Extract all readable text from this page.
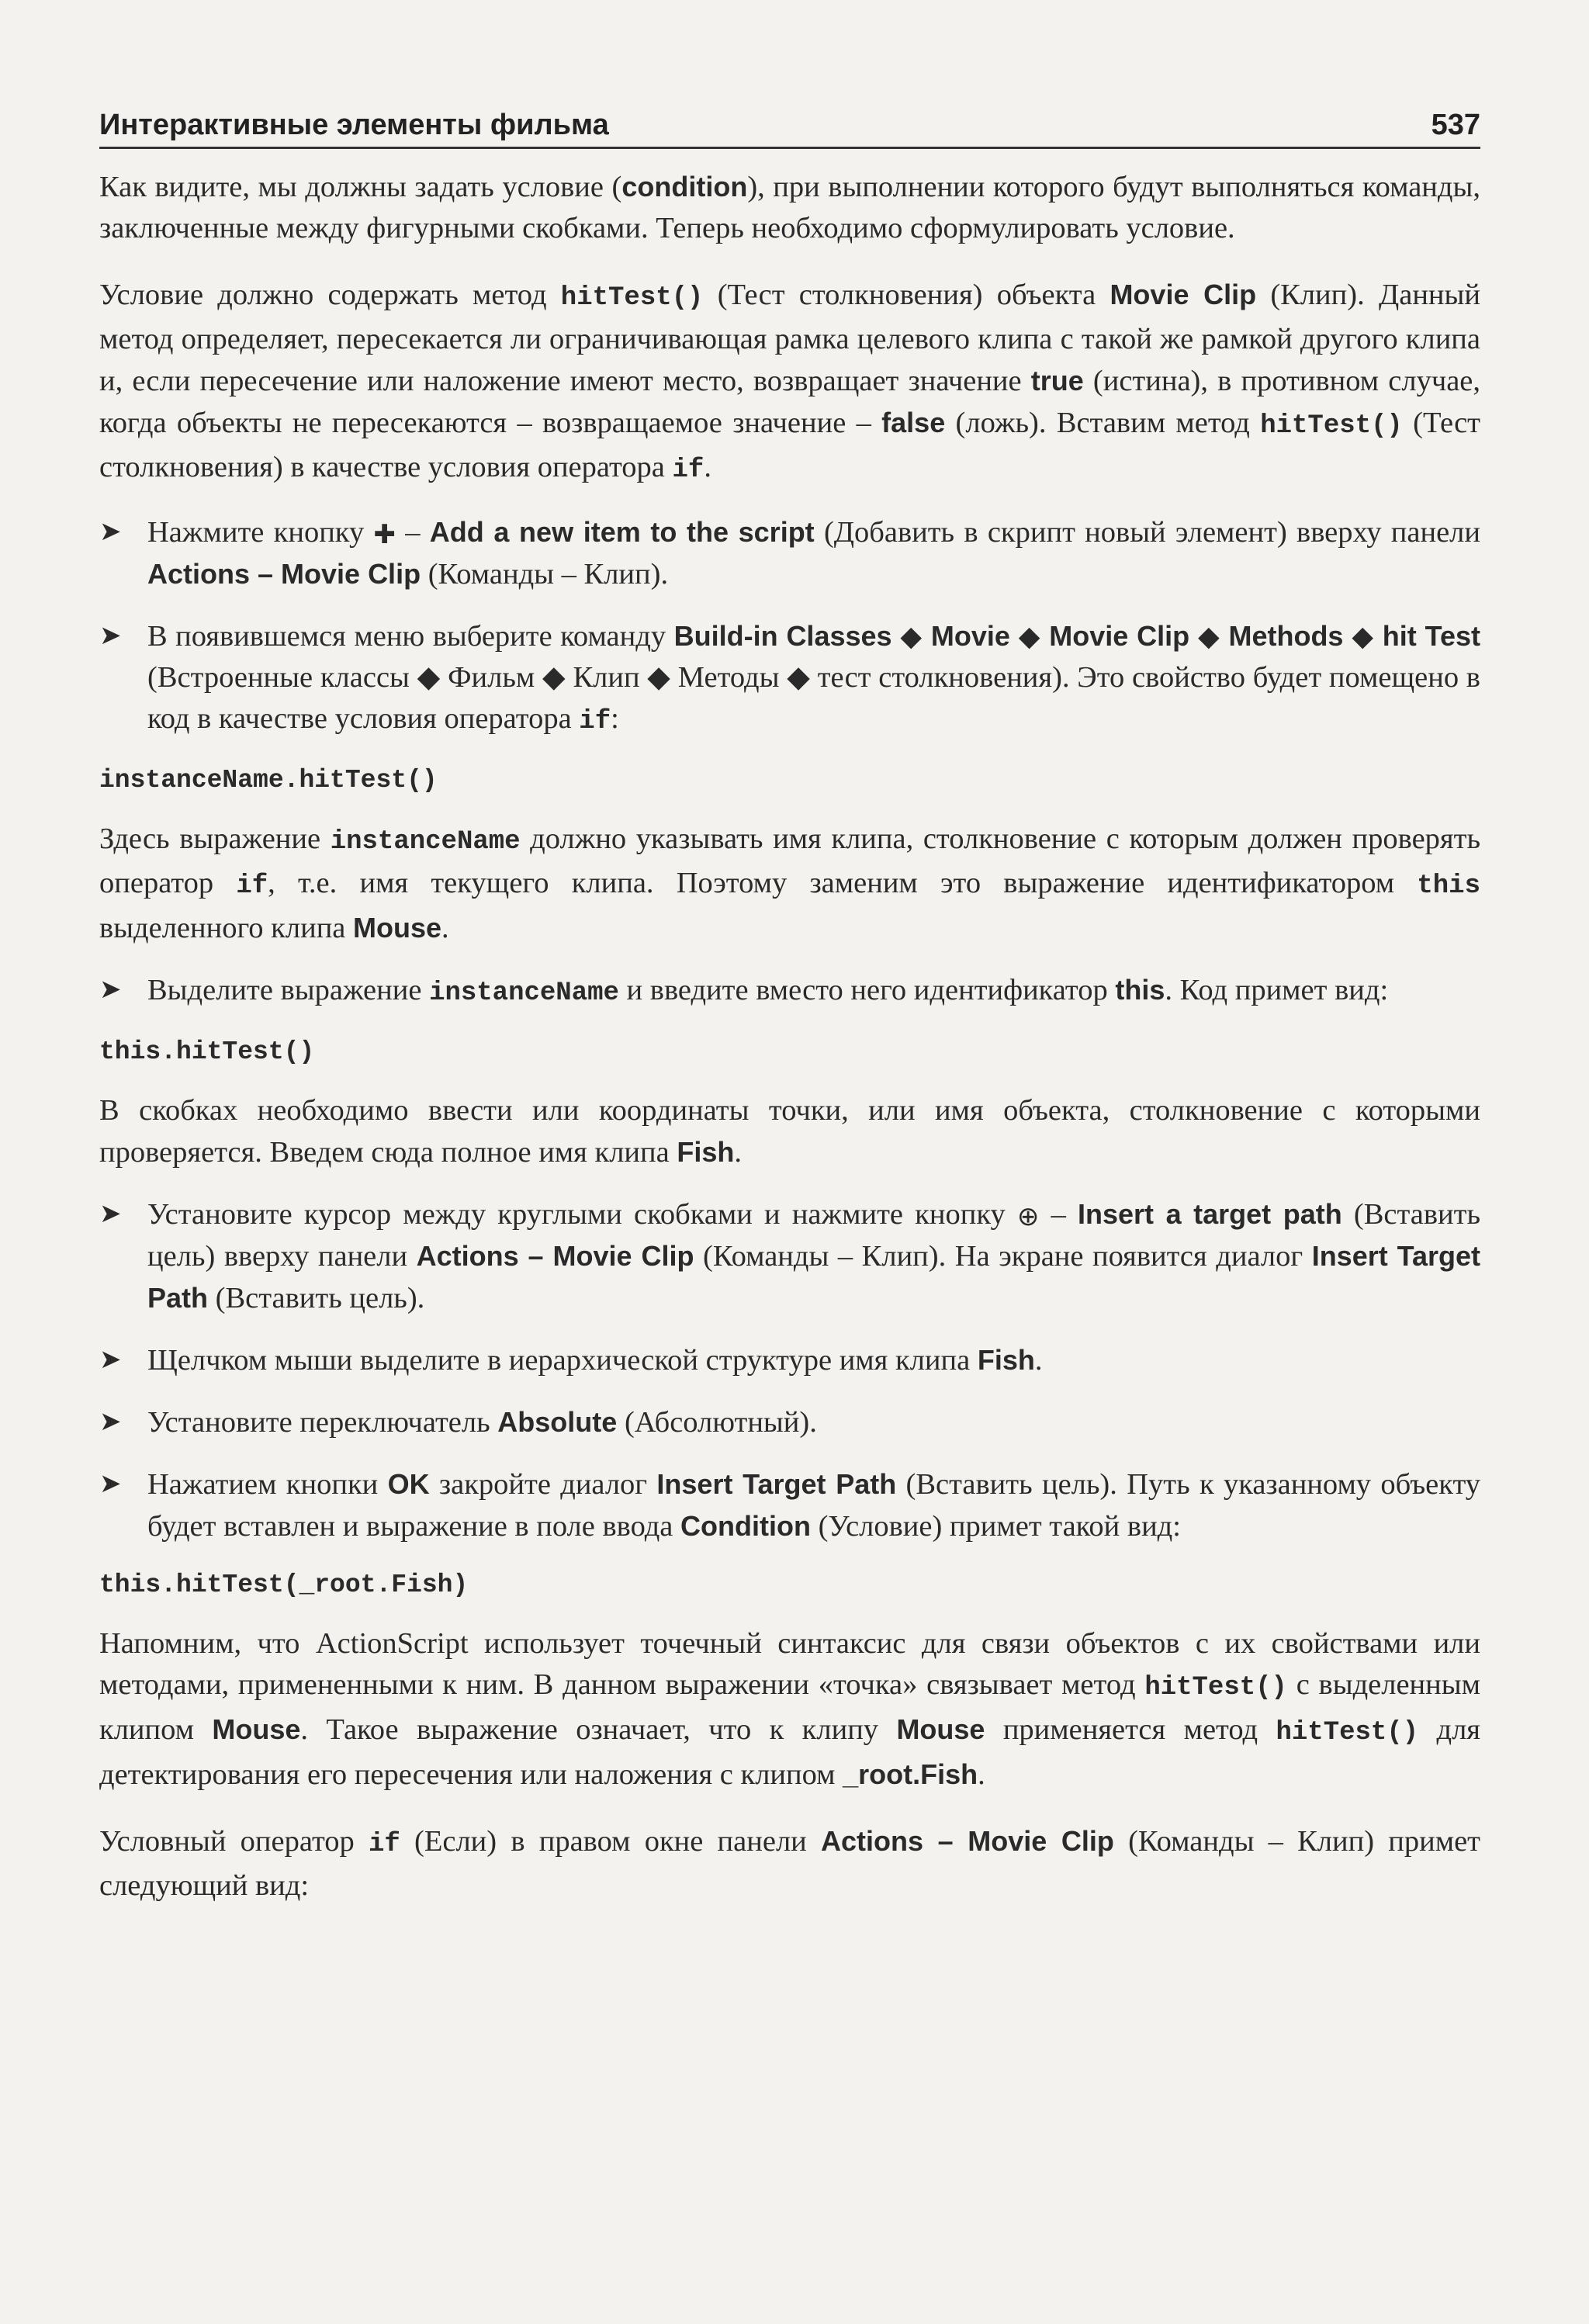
Интерактивные элементы фильма	537

Как видите, мы должны задать условие (condition), при выполнении которого будут выполняться команды, заключенные между фигурными скобками. Теперь необходимо сформулировать условие.

Условие должно содержать метод hitTest() (Тест столкновения) объекта Movie Clip (Клип). Данный метод определяет, пересекается ли ограничивающая рамка целевого клипа с такой же рамкой другого клипа и, если пересечение или наложение имеют место, возвращает значение true (истина), в противном случае, когда объекты не пересекаются – возвращаемое значение – false (ложь). Вставим метод hitTest() (Тест столкновения) в качестве условия оператора if.

➤ Нажмите кнопку ✚ – Add a new item to the script (Добавить в скрипт новый элемент) вверху панели Actions – Movie Clip (Команды – Клип).

➤ В появившемся меню выберите команду Build-in Classes ◆ Movie ◆ Movie Clip ◆ Methods ◆ hit Test (Встроенные классы ◆ Фильм ◆ Клип ◆ Методы ◆ тест столкновения). Это свойство будет помещено в код в качестве условия оператора if:

instanceName.hitTest()

Здесь выражение instanceName должно указывать имя клипа, столкновение с которым должен проверять оператор if, т.е. имя текущего клипа. Поэтому заменим это выражение идентификатором this выделенного клипа Mouse.

➤ Выделите выражение instanceName и введите вместо него идентификатор this. Код примет вид:

this.hitTest()

В скобках необходимо ввести или координаты точки, или имя объекта, столкновение с которыми проверяется. Введем сюда полное имя клипа Fish.

➤ Установите курсор между круглыми скобками и нажмите кнопку ⊕ – Insert a target path (Вставить цель) вверху панели Actions – Movie Clip (Команды – Клип). На экране появится диалог Insert Target Path (Вставить цель).

➤ Щелчком мыши выделите в иерархической структуре имя клипа Fish.

➤ Установите переключатель Absolute (Абсолютный).

➤ Нажатием кнопки OK закройте диалог Insert Target Path (Вставить цель). Путь к указанному объекту будет вставлен и выражение в поле ввода Condition (Условие) примет такой вид:

this.hitTest(_root.Fish)

Напомним, что ActionScript использует точечный синтаксис для связи объектов с их свойствами или методами, примененными к ним. В данном выражении «точка» связывает метод hitTest() с выделенным клипом Mouse. Такое выражение означает, что к клипу Mouse применяется метод hitTest() для детектирования его пересечения или наложения с клипом _root.Fish.

Условный оператор if (Если) в правом окне панели Actions – Movie Clip (Команды – Клип) примет следующий вид:
